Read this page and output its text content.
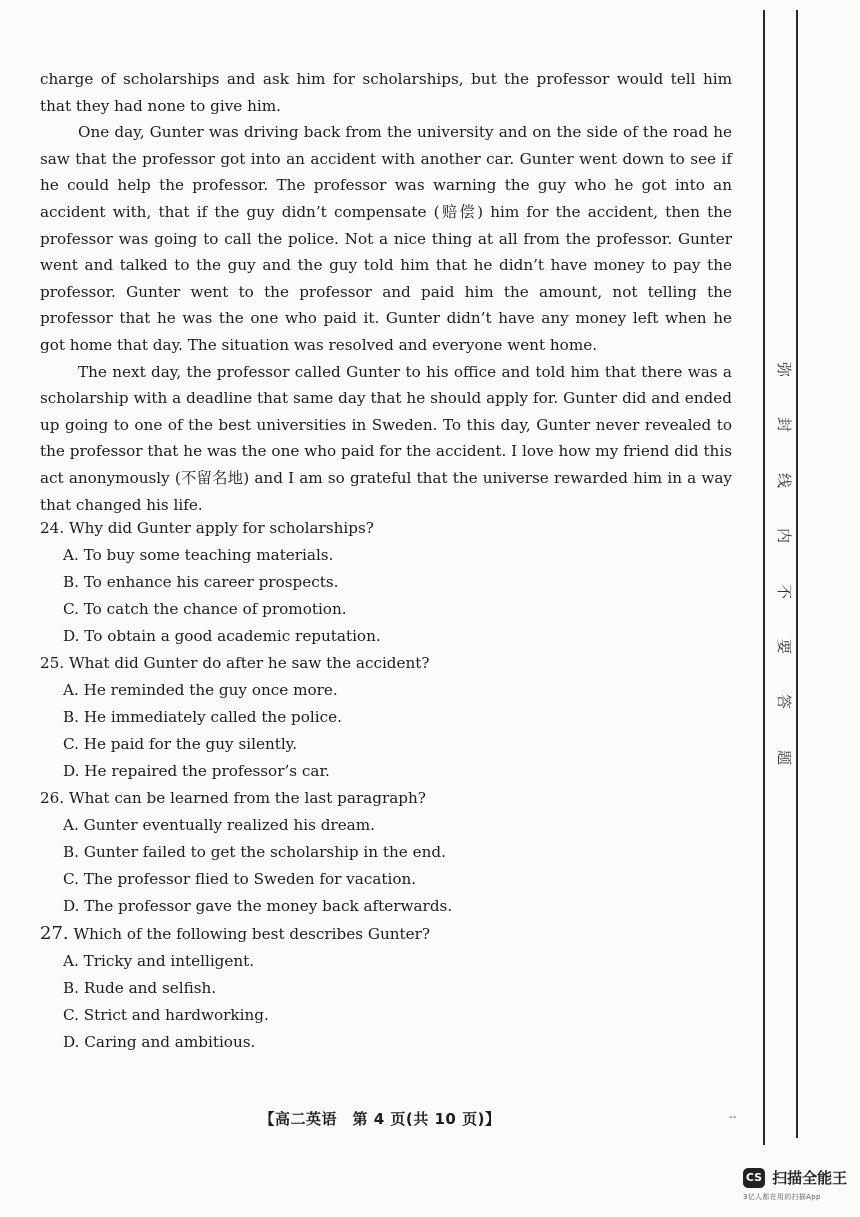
charge of scholarships and ask him for scholarships, but the professor would tell him that they had none to give him.

One day, Gunter was driving back from the university and on the side of the road he saw that the professor got into an accident with another car. Gunter went down to see if he could help the professor. The professor was warning the guy who he got into an accident with, that if the guy didn’t compensate (赔偿) him for the accident, then the professor was going to call the police. Not a nice thing at all from the professor. Gunter went and talked to the guy and the guy told him that he didn’t have money to pay the professor. Gunter went to the professor and paid him the amount, not telling the professor that he was the one who paid it. Gunter didn’t have any money left when he got home that day. The situation was resolved and everyone went home.

The next day, the professor called Gunter to his office and told him that there was a scholarship with a deadline that same day that he should apply for. Gunter did and ended up going to one of the best universities in Sweden. To this day, Gunter never revealed to the professor that he was the one who paid for the accident. I love how my friend did this act anonymously (不留名地) and I am so grateful that the universe rewarded him in a way that changed his life.

24. Why did Gunter apply for scholarships?
A. To buy some teaching materials.
B. To enhance his career prospects.
C. To catch the chance of promotion.
D. To obtain a good academic reputation.
25. What did Gunter do after he saw the accident?
A. He reminded the guy once more.
B. He immediately called the police.
C. He paid for the guy silently.
D. He repaired the professor’s car.
26. What can be learned from the last paragraph?
A. Gunter eventually realized his dream.
B. Gunter failed to get the scholarship in the end.
C. The professor flied to Sweden for vacation.
D. The professor gave the money back afterwards.
27. Which of the following best describes Gunter?
A. Tricky and intelligent.
B. Rude and selfish.
C. Strict and hardworking.
D. Caring and ambitious.
【高二英语　第 4 页(共 10 页)】	--
弥
封
线
内
不
要
答
题
CS 扫描全能王
3亿人都在用的扫描App
